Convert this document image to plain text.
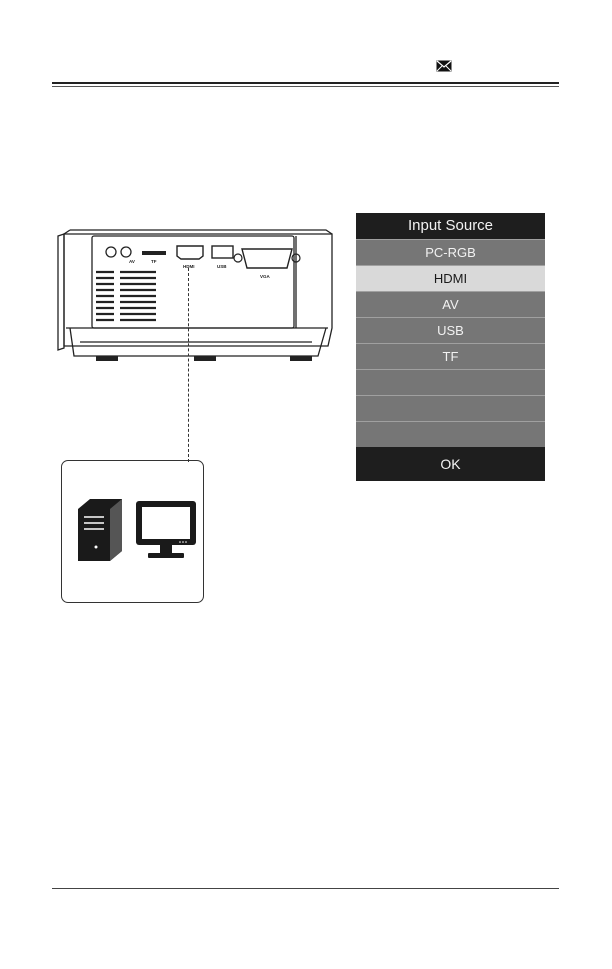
AV	TF
HDMI	USB
VGA
Input Source
PC-RGB
HDMI
AV
USB
TF
OK
